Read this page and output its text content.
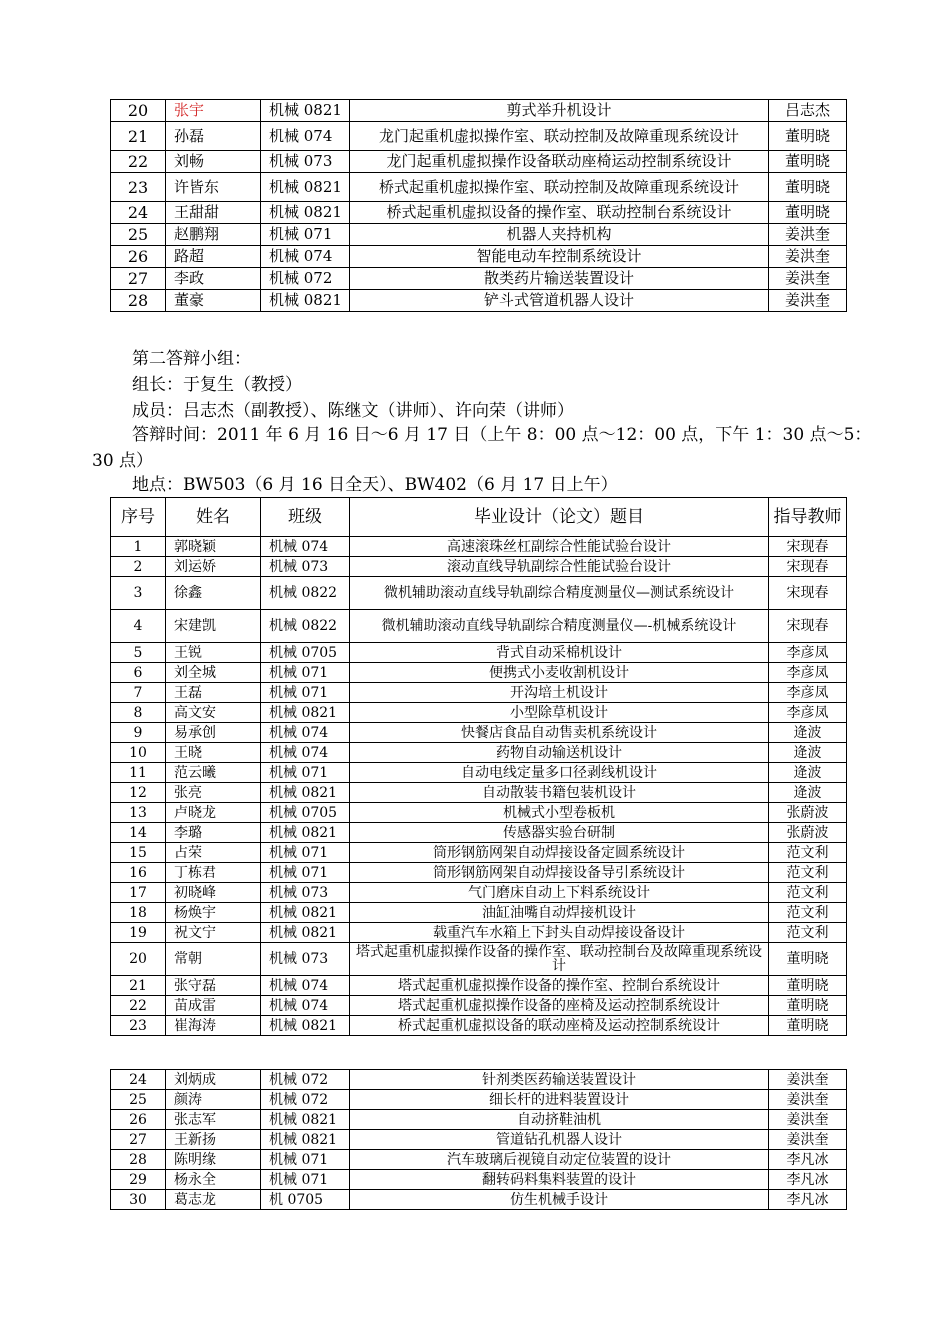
20	张宇	机械 0821	剪式举升机设计	吕志杰
21	孙磊	机械 074	龙门起重机虚拟操作室、联动控制及故障重现系统设计	董明晓
22	刘畅	机械 073	龙门起重机虚拟操作设备联动座椅运动控制系统设计	董明晓
23	许皆东	机械 0821	桥式起重机虚拟操作室、联动控制及故障重现系统设计	董明晓
24	王甜甜	机械 0821	桥式起重机虚拟设备的操作室、联动控制台系统设计	董明晓
25	赵鹏翔	机械 071	机器人夹持机构	姜洪奎
26	路超	机械 074	智能电动车控制系统设计	姜洪奎
27	李政	机械 072	散类药片输送装置设计	姜洪奎
28	董豪	机械 0821	铲斗式管道机器人设计	姜洪奎
第二答辩小组：
组长：于复生（教授）
成员：吕志杰（副教授）、陈继文（讲师）、许向荣（讲师）
答辩时间：2011 年 6 月 16 日～6 月 17 日（上午 8：00 点～12：00 点，下午 1：30 点～5：30 点）
地点：BW503（6 月 16 日全天）、BW402（6 月 17 日上午）
序号	姓名	班级	毕业设计（论文）题目	指导教师
1	郭晓颖	机械 074	高速滚珠丝杠副综合性能试验台设计	宋现春
2	刘运娇	机械 073	滚动直线导轨副综合性能试验台设计	宋现春
3	徐鑫	机械 0822	微机辅助滚动直线导轨副综合精度测量仪—测试系统设计	宋现春
4	宋建凯	机械 0822	微机辅助滚动直线导轨副综合精度测量仪—-机械系统设计	宋现春
5	王锐	机械 0705	背式自动采棉机设计	李彦凤
6	刘全城	机械 071	便携式小麦收割机设计	李彦凤
7	王磊	机械 071	开沟培土机设计	李彦凤
8	高文安	机械 0821	小型除草机设计	李彦凤
9	易承创	机械 074	快餐店食品自动售卖机系统设计	逄波
10	王晓	机械 074	药物自动输送机设计	逄波
11	范云曦	机械 071	自动电线定量多口径剥线机设计	逄波
12	张亮	机械 0821	自动散装书籍包装机设计	逄波
13	卢晓龙	机械 0705	机械式小型卷板机	张蔚波
14	李璐	机械 0821	传感器实验台研制	张蔚波
15	占荣	机械 071	筒形钢筋网架自动焊接设备定圆系统设计	范文利
16	丁栋君	机械 071	筒形钢筋网架自动焊接设备导引系统设计	范文利
17	初晓峰	机械 073	气门磨床自动上下料系统设计	范文利
18	杨焕宇	机械 0821	油缸油嘴自动焊接机设计	范文利
19	祝文宁	机械 0821	载重汽车水箱上下封头自动焊接设备设计	范文利
20	常朝	机械 073	塔式起重机虚拟操作设备的操作室、联动控制台及故障重现系统设计	董明晓
21	张守磊	机械 074	塔式起重机虚拟操作设备的操作室、控制台系统设计	董明晓
22	苗成雷	机械 074	塔式起重机虚拟操作设备的座椅及运动控制系统设计	董明晓
23	崔海涛	机械 0821	桥式起重机虚拟设备的联动座椅及运动控制系统设计	董明晓
24	刘炳成	机械 072	针剂类医药输送装置设计	姜洪奎
25	颜涛	机械 072	细长杆的进料装置设计	姜洪奎
26	张志军	机械 0821	自动挤鞋油机	姜洪奎
27	王新扬	机械 0821	管道钻孔机器人设计	姜洪奎
28	陈明缘	机械 071	汽车玻璃后视镜自动定位装置的设计	李凡冰
29	杨永全	机械 071	翻转码料集料装置的设计	李凡冰
30	葛志龙	机 0705	仿生机械手设计	李凡冰
